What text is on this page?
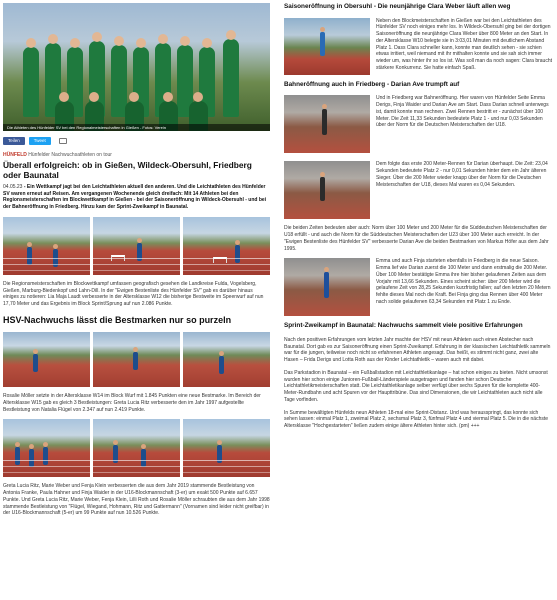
Die Athleten des Hünfelder SV bei den Regionalmeisterschaften in Gießen - Fotos: Verein
Teilen	Tweet
HÜNFELD Hünfelder Nachwuchsathleten on tour
Überall erfolgreich: ob in Gießen, Wildeck-Obersuhl, Friedberg oder Baunatal

04.05.23 - Ein Wettkampf jagt bei den Leichtathleten aktuell den anderen. Und die Leichtathleten des Hünfelder SV waren erneut auf Reisen. Am vergangenen Wochenende gleich dreifach: Mit 14 Athleten bei den Regionsmeisterschaften im Blockwettkampf in Gießen - bei der Saisoneröffnung in Wildeck-Obersuhl - und bei der Bahneröffnung in Friedberg. Hinzu kam der Sprint-Zweikampf in Baunatal.

Die Regionsmeisterschaften im Blockwettkampf umfassen geografisch gesehen die Landkreise Fulda, Vogelsberg, Gießen, Marburg-Biedenkopf und Lahn-Dill. In der "Ewigen Bestenliste des Hünfelder SV" gab es darüber hinaus einiges zu notieren: Lia Maja Laudt verbesserte in der Altersklasse W12 die bisherige Bestweite im Speerwurf auf nun 17,70 Meter und das Ergebnis im Block Sprint/Sprung auf nun 2.086 Punkte.

HSV-Nachwuchs lässt die Bestmarken nur so purzeln

Rosalie Möller setzte in der Altersklasse W14 im Block Wurf mit 1.845 Punkten eine neue Bestmarke. Im Bereich der Altersklasse W15 gab es gleich 3 Bestleistungen: Greta Lucia Ritz verbesserte den im Jahr 1997 aufgestellte Bestleistung von Natalia Flügel von 2.347 auf nun 2.419 Punkte.

Greta Lucia Ritz, Marie Weber und Fenja Klein verbesserten die aus dem Jahr 2019 stammende Bestleistung von Antonia Franke, Paula Hahner und Finja Waider in der U16-Blockmannschaft (3-er) um exakt 500 Punkte auf 6.657 Punkte. Und Greta Lucia Ritz, Marie Weber, Fenja Klein, Lilli Roth und Rosalie Möller schraubten die aus dem Jahr 1998 stammende Bestleistung von "Flügel, Wiegand, Hohmann, Ritz und Gattermann" (Vornamen sind leider nicht greifbar) in der U16-Blockmannschaft (5-er) um 99 Punkte auf nun 10.526 Punkte.

Saisoneröffnung in Obersuhl - Die neunjährige Clara Weber läuft allen weg

Neben den Blockmeisterschaften in Gießen war bei den Leichtathleten des Hünfelder SV noch einiges mehr los. In Wildeck-Obersuhl ging bei der dortigen Saisoneröffnung die neunjährige Clara Weber über 800 Meter an den Start. In der Altersklasse W10 belegte sie in 3:03,01 Minuten mit deutlichem Abstand Platz 1. Dass Clara schneller kann, konnte man deutlich sehen - sie schien etwas irritiert, weil niemand mit ihr mithalten konnte und sie sah sich immer wieder um, was hinter ihr so los ist. Was soll man da noch sagen: Clara braucht stärkere Konkurrenz. Sie hatte einfach Spaß.

Bahneröffnung auch in Friedberg - Darian Ave trumpft auf

Und in Friedberg war Bahneröffnung. Hier waren von Hünfelder Seite Emma Derigs, Finja Waider und Darian Ave am Start. Dass Darian schnell unterwegs ist, damit konnte man rechnen. Zwei Rennen bestritt er - zunächst über 100 Meter. Die Zeit 11,33 Sekunden bedeutete Platz 1 - und nur 0,03 Sekunden über der Norm für die Deutschen Meisterschaften der U18.

Dem folgte das erste 200 Meter-Rennen für Darian überhaupt. Die Zeit: 23,04 Sekunden bedeutete Platz 2 - nur 0,01 Sekunden hinter dem ein Jahr älteren Sieger. Über die 200 Meter wieder knapp über der Norm für die Deutschen Meisterschaften der U18, dieses Mal waren es 0,04 Sekunden.

Die beiden Zeiten bedeuten aber auch: Norm über 100 Meter und 200 Meter für die Süddeutschen Meisterschaften der U18 erfüllt - und auch die Norm für die Süddeutschen Meisterschaften der U23 über 100 Meter auch erreicht. In der "Ewigen Bestenliste des Hünfelder SV" verbesserte Darian Ave die beiden Bestmarken von Markus Höfer aus dem Jahr 1995.

Emma und auch Finja starteten ebenfalls in Friedberg in die neue Saison. Emma lief wie Darian zuerst die 100 Meter und dann erstmalig die 200 Meter. Über 100 Meter bestätigte Emma ihre hier bisher gelaufenen Zeiten aus dem Vorjahr mit 13,66 Sekunden. Eines scheint sicher: über 200 Meter wird die gelaufene Zeit von 28,25 Sekunden kurzfristig fallen; auf den letzten 20 Metern fehlte dieses Mal noch die Kraft. Bei Finja ging das Rennen über 400 Meter nach solide gelaufenen 63,34 Sekunden mit Platz 1 zu Ende.

Sprint-Zweikampf in Baunatal: Nachwuchs sammelt viele positive Erfahrungen

Nach den positiven Erfahrungen vom letzten Jahr machte der HSV mit neun Athleten auch einen Abstecher nach Baunatal. Dort gab es zur Saisoneröffnung einen Sprint-Zweikampf. Erfahrung in der klassischen Leichtathletik sammeln war für die jungen, teilweise noch nicht so erfahrenen Athleten angesagt. Das heißt, es stimmt nicht ganz, zwei alte Hasen – Frida Derigs und Lotta Roth aus der Kinder Leichtathletik – waren auch mit dabei.

Das Parkstadion in Baunatal – ein Fußballstadion mit Leichtathletikanlage – hat schon einiges zu bieten. Nicht umsonst wurden hier schon einige Junioren-Fußball-Länderspiele ausgetragen und fanden hier schon Deutsche Leichtathletikmeisterschaften statt. Die Leichtathletikanlage selber verfügt über sechs Spuren für die komplette 400-Meter-Rundbahn und acht Spuren vor der Haupttribüne. Das sind Dimensionen, die wir Leichtathleten auch nicht alle Tage vorfinden.

In Summe bewältigten Hünfelds neun Athleten 18-mal eine Sprint-Distanz. Und was herausspringt, das konnte sich sehen lassen: einmal Platz 1, zweimal Platz 2, sechsmal Platz 3, fünfmal Platz 4 und viermal Platz 5. Die in die nächste Altersklasse "Hochgestarteten" ließen zudem einige ältere Athleten hinter sich. (pm) +++
